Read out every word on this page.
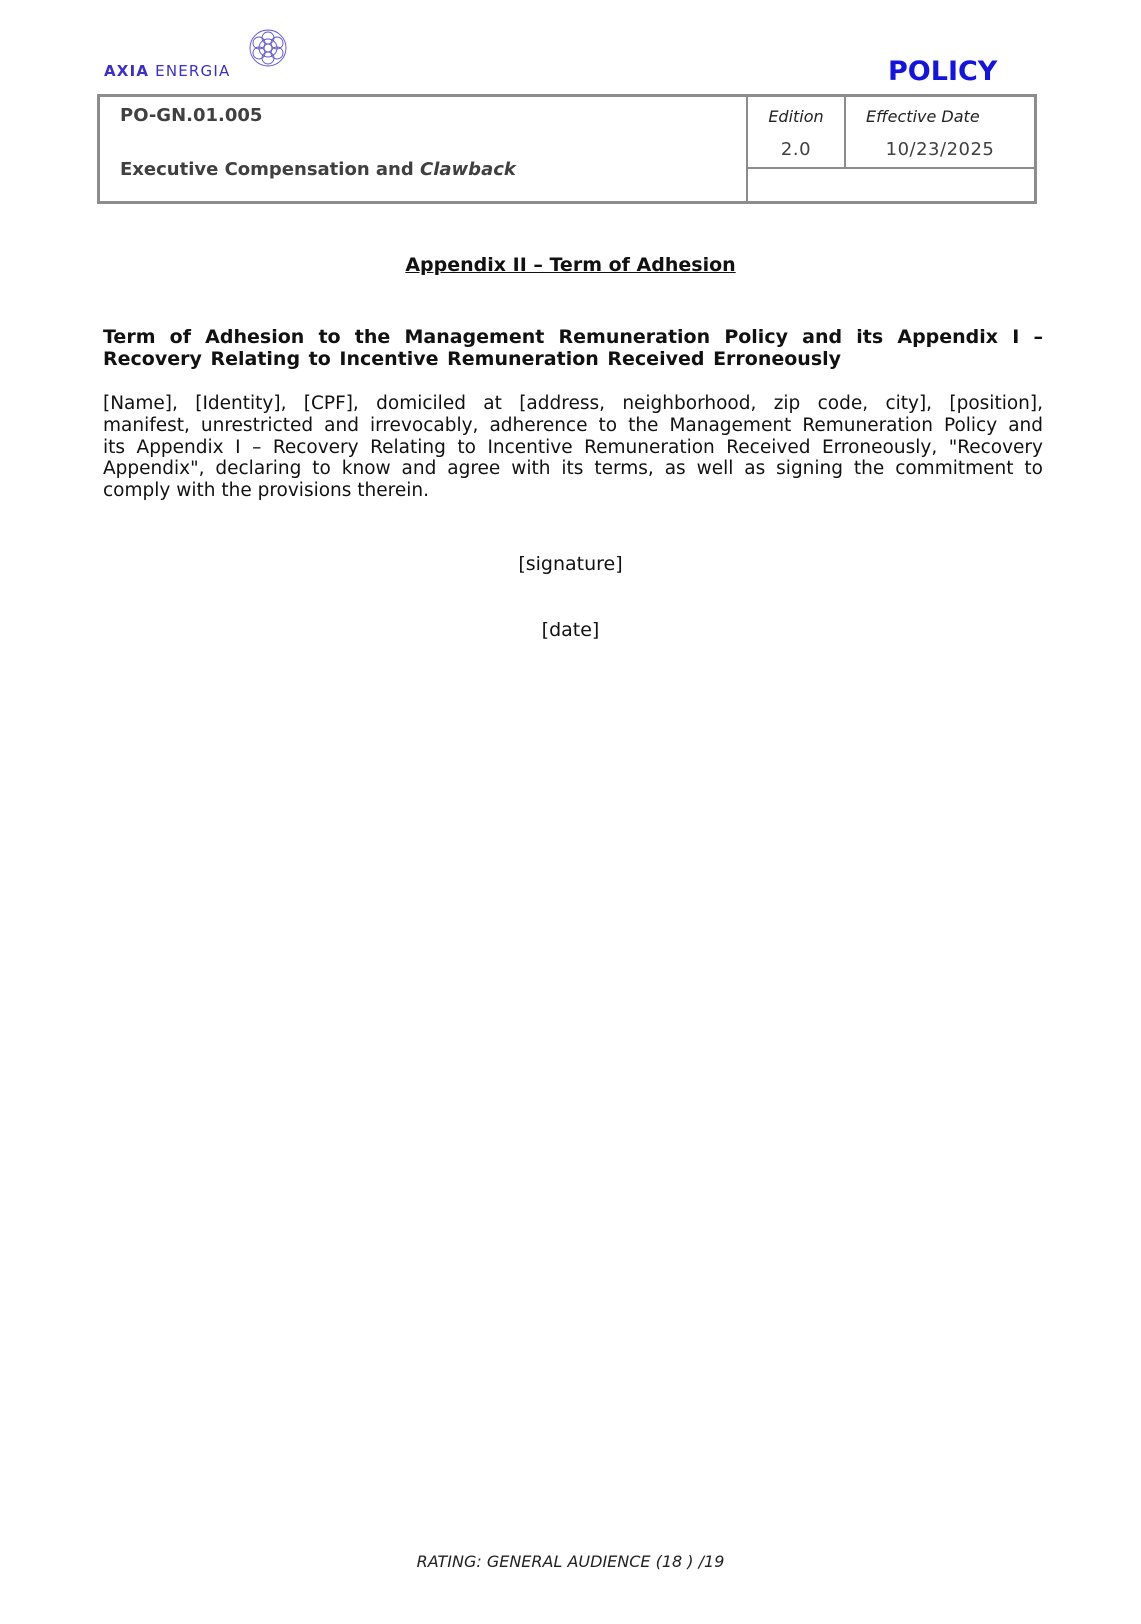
AXIA ENERGIA	POLICY
PO-GN.01.005
Executive Compensation and Clawback
Edition
2.0
Effective Date
10/23/2025
Appendix II – Term of Adhesion
Term of Adhesion to the Management Remuneration Policy and its Appendix I –
Recovery Relating to Incentive Remuneration Received Erroneously
[Name], [Identity], [CPF], domiciled at [address, neighborhood, zip code, city], [position],
manifest, unrestricted and irrevocably, adherence to the Management Remuneration Policy and
its Appendix I – Recovery Relating to Incentive Remuneration Received Erroneously, "Recovery
Appendix", declaring to know and agree with its terms, as well as signing the commitment to
comply with the provisions therein.
[signature]
[date]
RATING: GENERAL AUDIENCE (18 ) /19
